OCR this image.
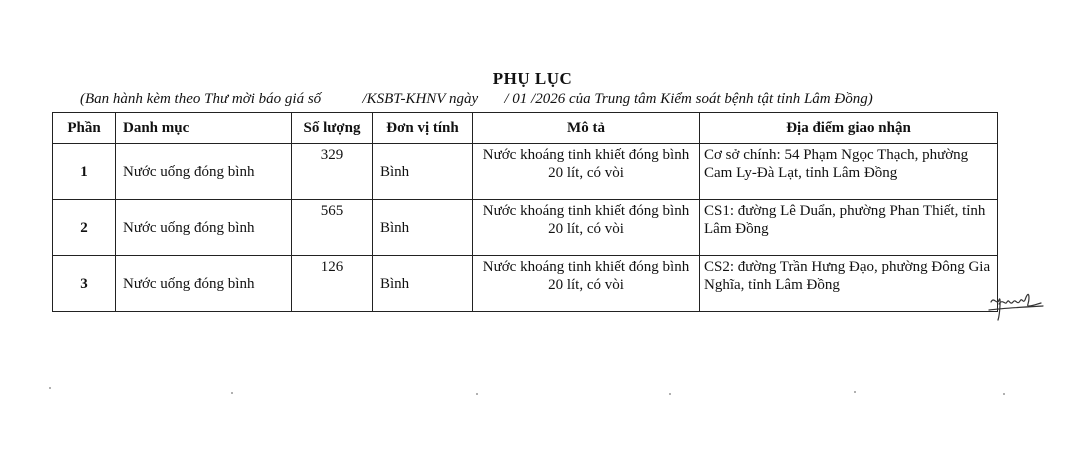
PHỤ LỤC
(Ban hành kèm theo Thư mời báo giá số           /KSBT-KHNV ngày       / 01 /2026 của Trung tâm Kiểm soát bệnh tật tỉnh Lâm Đồng)
Phần	Danh mục	Số lượng	Đơn vị tính	Mô tả	Địa điểm giao nhận
1	Nước uống đóng bình	329	Bình	Nước khoáng tinh khiết đóng bình 20 lít, có vòi	Cơ sở chính: 54 Phạm Ngọc Thạch, phường Cam Ly-Đà Lạt, tỉnh Lâm Đồng
2	Nước uống đóng bình	565	Bình	Nước khoáng tinh khiết đóng bình 20 lít, có vòi	CS1: đường Lê Duẩn, phường Phan Thiết, tỉnh Lâm Đồng
3	Nước uống đóng bình	126	Bình	Nước khoáng tinh khiết đóng bình 20 lít, có vòi	CS2: đường Trần Hưng Đạo, phường Đông Gia Nghĩa, tỉnh Lâm Đồng
